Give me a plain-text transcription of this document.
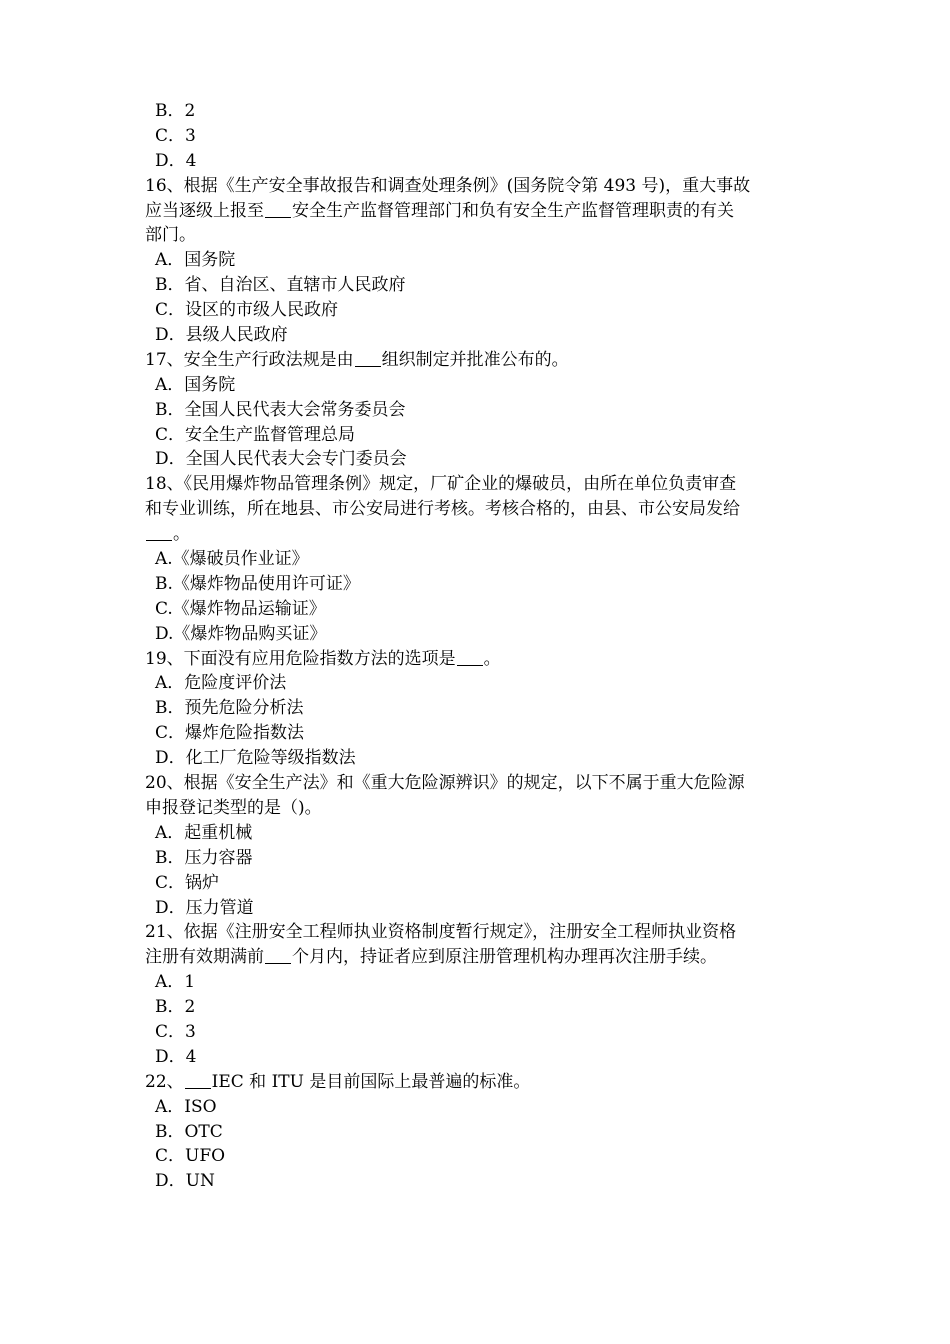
B．2
C．3
D．4
16、根据《生产安全事故报告和调查处理条例》(国务院令第 493 号)，重大事故
应当逐级上报至 安全生产监督管理部门和负有安全生产监督管理职责的有关
部门。
A．国务院
B．省、自治区、直辖市人民政府
C．设区的市级人民政府
D．县级人民政府
17、安全生产行政法规是由 组织制定并批准公布的。
A．国务院
B．全国人民代表大会常务委员会
C．安全生产监督管理总局
D．全国人民代表大会专门委员会
18、《民用爆炸物品管理条例》规定，厂矿企业的爆破员，由所在单位负责审查
和专业训练，所在地县、市公安局进行考核。考核合格的，由县、市公安局发给
。
A.《爆破员作业证》
B.《爆炸物品使用许可证》
C.《爆炸物品运输证》
D.《爆炸物品购买证》
19、下面没有应用危险指数方法的选项是 。
A．危险度评价法
B．预先危险分析法
C．爆炸危险指数法
D．化工厂危险等级指数法
20、根据《安全生产法》和《重大危险源辨识》的规定，以下不属于重大危险源
申报登记类型的是（)。
A．起重机械
B．压力容器
C．锅炉
D．压力管道
21、依据《注册安全工程师执业资格制度暂行规定》，注册安全工程师执业资格
注册有效期满前 个月内，持证者应到原注册管理机构办理再次注册手续。
A．1
B．2
C．3
D．4
22、 IEC 和 ITU 是目前国际上最普遍的标准。
A．ISO
B．OTC
C．UFO
D．UN
